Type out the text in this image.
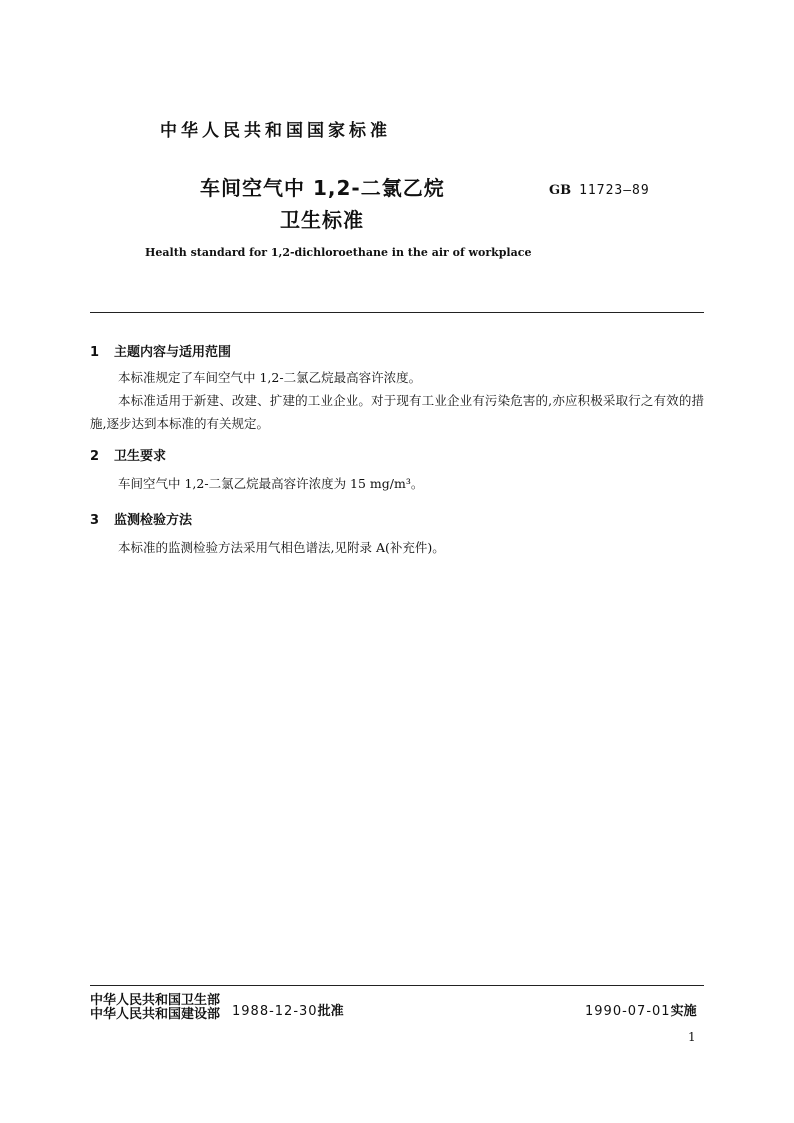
中华人民共和国国家标准
车间空气中 1,2-二氯乙烷
卫生标准
GB 11723—89
Health standard for 1,2-dichloroethane in the air of workplace
1 主题内容与适用范围
本标准规定了车间空气中 1,2-二氯乙烷最高容许浓度。
本标准适用于新建、改建、扩建的工业企业。对于现有工业企业有污染危害的,亦应积极采取行之有效的措施,逐步达到本标准的有关规定。
2 卫生要求
车间空气中 1,2-二氯乙烷最高容许浓度为 15 mg/m³。
3 监测检验方法
本标准的监测检验方法采用气相色谱法,见附录 A(补充件)。
中华人民共和国卫生部
中华人民共和国建设部 1988-12-30批准	1990-07-01实施
1
